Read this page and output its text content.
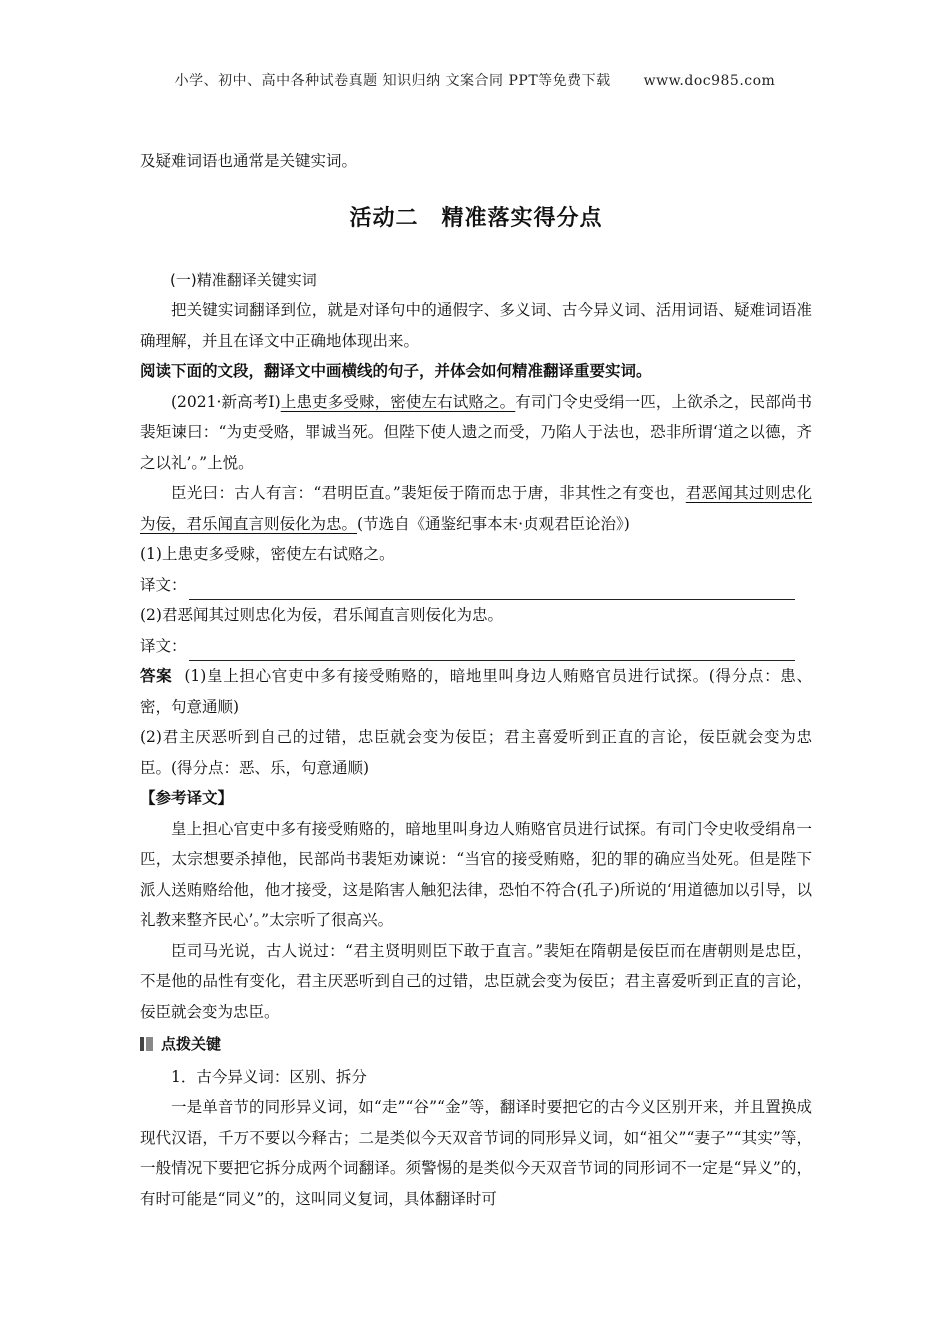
小学、初中、高中各种试卷真题 知识归纳 文案合同 PPT等免费下载 www.doc985.com

及疑难词语也通常是关键实词。

活动二　精准落实得分点

(一)精准翻译关键实词

把关键实词翻译到位，就是对译句中的通假字、多义词、古今异义词、活用词语、疑难词语准确理解，并且在译文中正确地体现出来。

阅读下面的文段，翻译文中画横线的句子，并体会如何精准翻译重要实词。

(2021·新高考Ⅰ)上患吏多受赇，密使左右试赂之。有司门令史受绢一匹，上欲杀之，民部尚书裴矩谏曰：“为吏受赂，罪诚当死。但陛下使人遗之而受，乃陷人于法也，恐非所谓‘道之以德，齐之以礼’。”上悦。

臣光曰：古人有言：“君明臣直。”裴矩佞于隋而忠于唐，非其性之有变也，君恶闻其过则忠化为佞，君乐闻直言则佞化为忠。(节选自《通鉴纪事本末·贞观君臣论治》)

(1)上患吏多受赇，密使左右试赂之。

译文：

(2)君恶闻其过则忠化为佞，君乐闻直言则佞化为忠。

译文：

答案 (1)皇上担心官吏中多有接受贿赂的，暗地里叫身边人贿赂官员进行试探。(得分点：患、密，句意通顺)

(2)君主厌恶听到自己的过错，忠臣就会变为佞臣；君主喜爱听到正直的言论，佞臣就会变为忠臣。(得分点：恶、乐，句意通顺)

【参考译文】

皇上担心官吏中多有接受贿赂的，暗地里叫身边人贿赂官员进行试探。有司门令史收受绢帛一匹，太宗想要杀掉他，民部尚书裴矩劝谏说：“当官的接受贿赂，犯的罪的确应当处死。但是陛下派人送贿赂给他，他才接受，这是陷害人触犯法律，恐怕不符合(孔子)所说的‘用道德加以引导，以礼教来整齐民心’。”太宗听了很高兴。

臣司马光说，古人说过：“君主贤明则臣下敢于直言。”裴矩在隋朝是佞臣而在唐朝则是忠臣，不是他的品性有变化，君主厌恶听到自己的过错，忠臣就会变为佞臣；君主喜爱听到正直的言论，佞臣就会变为忠臣。

点拨关键

1．古今异义词：区别、拆分

一是单音节的同形异义词，如“走”“谷”“金”等，翻译时要把它的古今义区别开来，并且置换成现代汉语，千万不要以今释古；二是类似今天双音节词的同形异义词，如“祖父”“妻子”“其实”等，一般情况下要把它拆分成两个词翻译。须警惕的是类似今天双音节词的同形词不一定是“异义”的，有时可能是“同义”的，这叫同义复词，具体翻译时可
